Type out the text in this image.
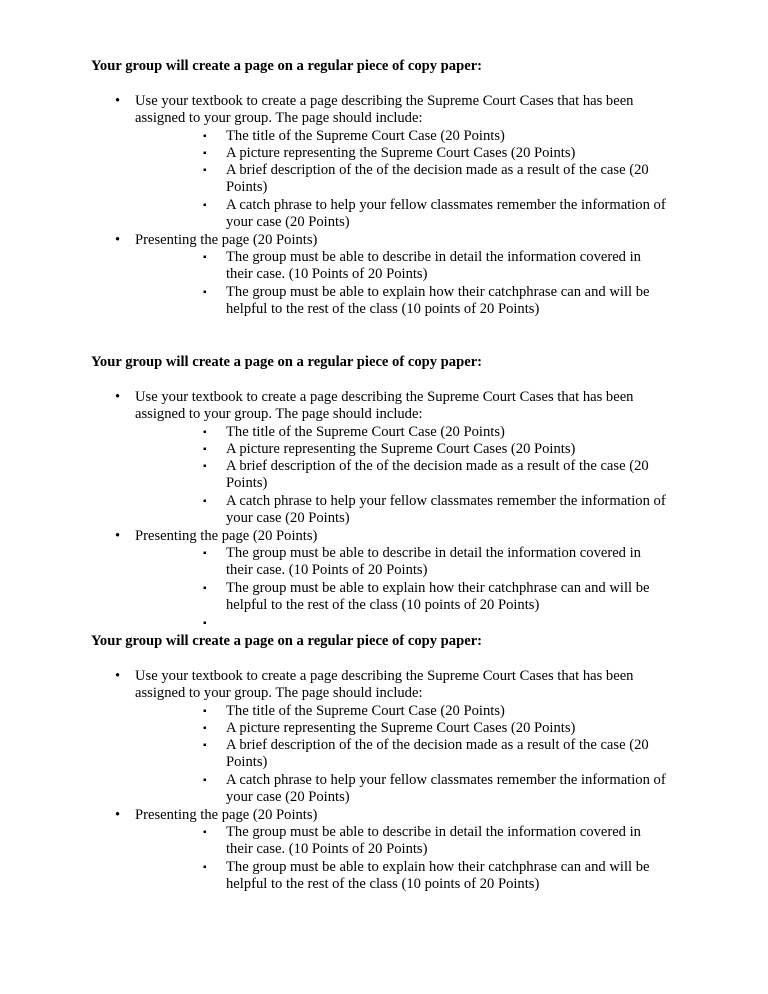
Your group will create a page on a regular piece of copy paper:
•	Use your textbook to create a page describing the Supreme Court Cases that has been assigned to your group. The page should include:
▪	The title of the Supreme Court Case (20 Points)
▪	A picture representing the Supreme Court Cases (20 Points)
▪	A brief description of the of the decision made as a result of the case (20 Points)
▪	A catch phrase to help your fellow classmates remember the information of your case (20 Points)
•	Presenting the page (20 Points)
▪	The group must be able to describe in detail the information covered in their case. (10 Points of 20 Points)
▪	The group must be able to explain how their catchphrase can and will be helpful to the rest of the class (10 points of 20 Points)
Your group will create a page on a regular piece of copy paper:
•	Use your textbook to create a page describing the Supreme Court Cases that has been assigned to your group. The page should include:
▪	The title of the Supreme Court Case (20 Points)
▪	A picture representing the Supreme Court Cases (20 Points)
▪	A brief description of the of the decision made as a result of the case (20 Points)
▪	A catch phrase to help your fellow classmates remember the information of your case (20 Points)
•	Presenting the page (20 Points)
▪	The group must be able to describe in detail the information covered in their case. (10 Points of 20 Points)
▪	The group must be able to explain how their catchphrase can and will be helpful to the rest of the class (10 points of 20 Points)
▪
Your group will create a page on a regular piece of copy paper:
•	Use your textbook to create a page describing the Supreme Court Cases that has been assigned to your group. The page should include:
▪	The title of the Supreme Court Case (20 Points)
▪	A picture representing the Supreme Court Cases (20 Points)
▪	A brief description of the of the decision made as a result of the case (20 Points)
▪	A catch phrase to help your fellow classmates remember the information of your case (20 Points)
•	Presenting the page (20 Points)
▪	The group must be able to describe in detail the information covered in their case. (10 Points of 20 Points)
▪	The group must be able to explain how their catchphrase can and will be helpful to the rest of the class (10 points of 20 Points)
